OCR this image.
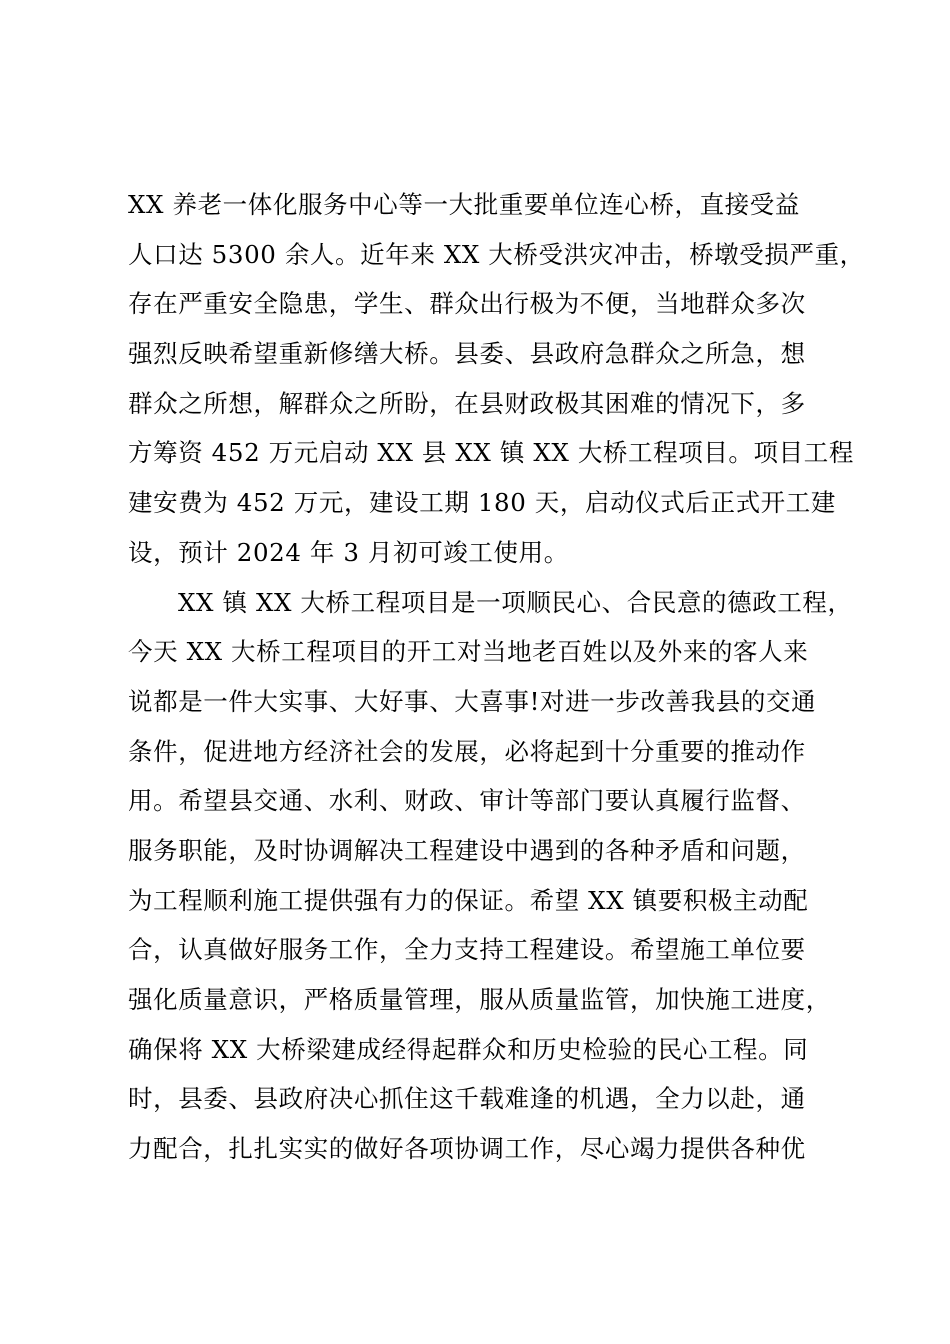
XX 养老一体化服务中心等一大批重要单位连心桥，直接受益
人口达 5300 余人。近年来 XX 大桥受洪灾冲击，桥墩受损严重，
存在严重安全隐患，学生、群众出行极为不便，当地群众多次
强烈反映希望重新修缮大桥。县委、县政府急群众之所急，想
群众之所想，解群众之所盼，在县财政极其困难的情况下，多
方筹资 452 万元启动 XX 县 XX 镇 XX 大桥工程项目。项目工程
建安费为 452 万元，建设工期 180 天，启动仪式后正式开工建
设，预计 2024 年 3 月初可竣工使用。
XX 镇 XX 大桥工程项目是一项顺民心、合民意的德政工程，
今天 XX 大桥工程项目的开工对当地老百姓以及外来的客人来
说都是一件大实事、大好事、大喜事!对进一步改善我县的交通
条件，促进地方经济社会的发展，必将起到十分重要的推动作
用。希望县交通、水利、财政、审计等部门要认真履行监督、
服务职能，及时协调解决工程建设中遇到的各种矛盾和问题，
为工程顺利施工提供强有力的保证。希望 XX 镇要积极主动配
合，认真做好服务工作，全力支持工程建设。希望施工单位要
强化质量意识，严格质量管理，服从质量监管，加快施工进度，
确保将 XX 大桥梁建成经得起群众和历史检验的民心工程。同
时，县委、县政府决心抓住这千载难逢的机遇，全力以赴，通
力配合，扎扎实实的做好各项协调工作，尽心竭力提供各种优
